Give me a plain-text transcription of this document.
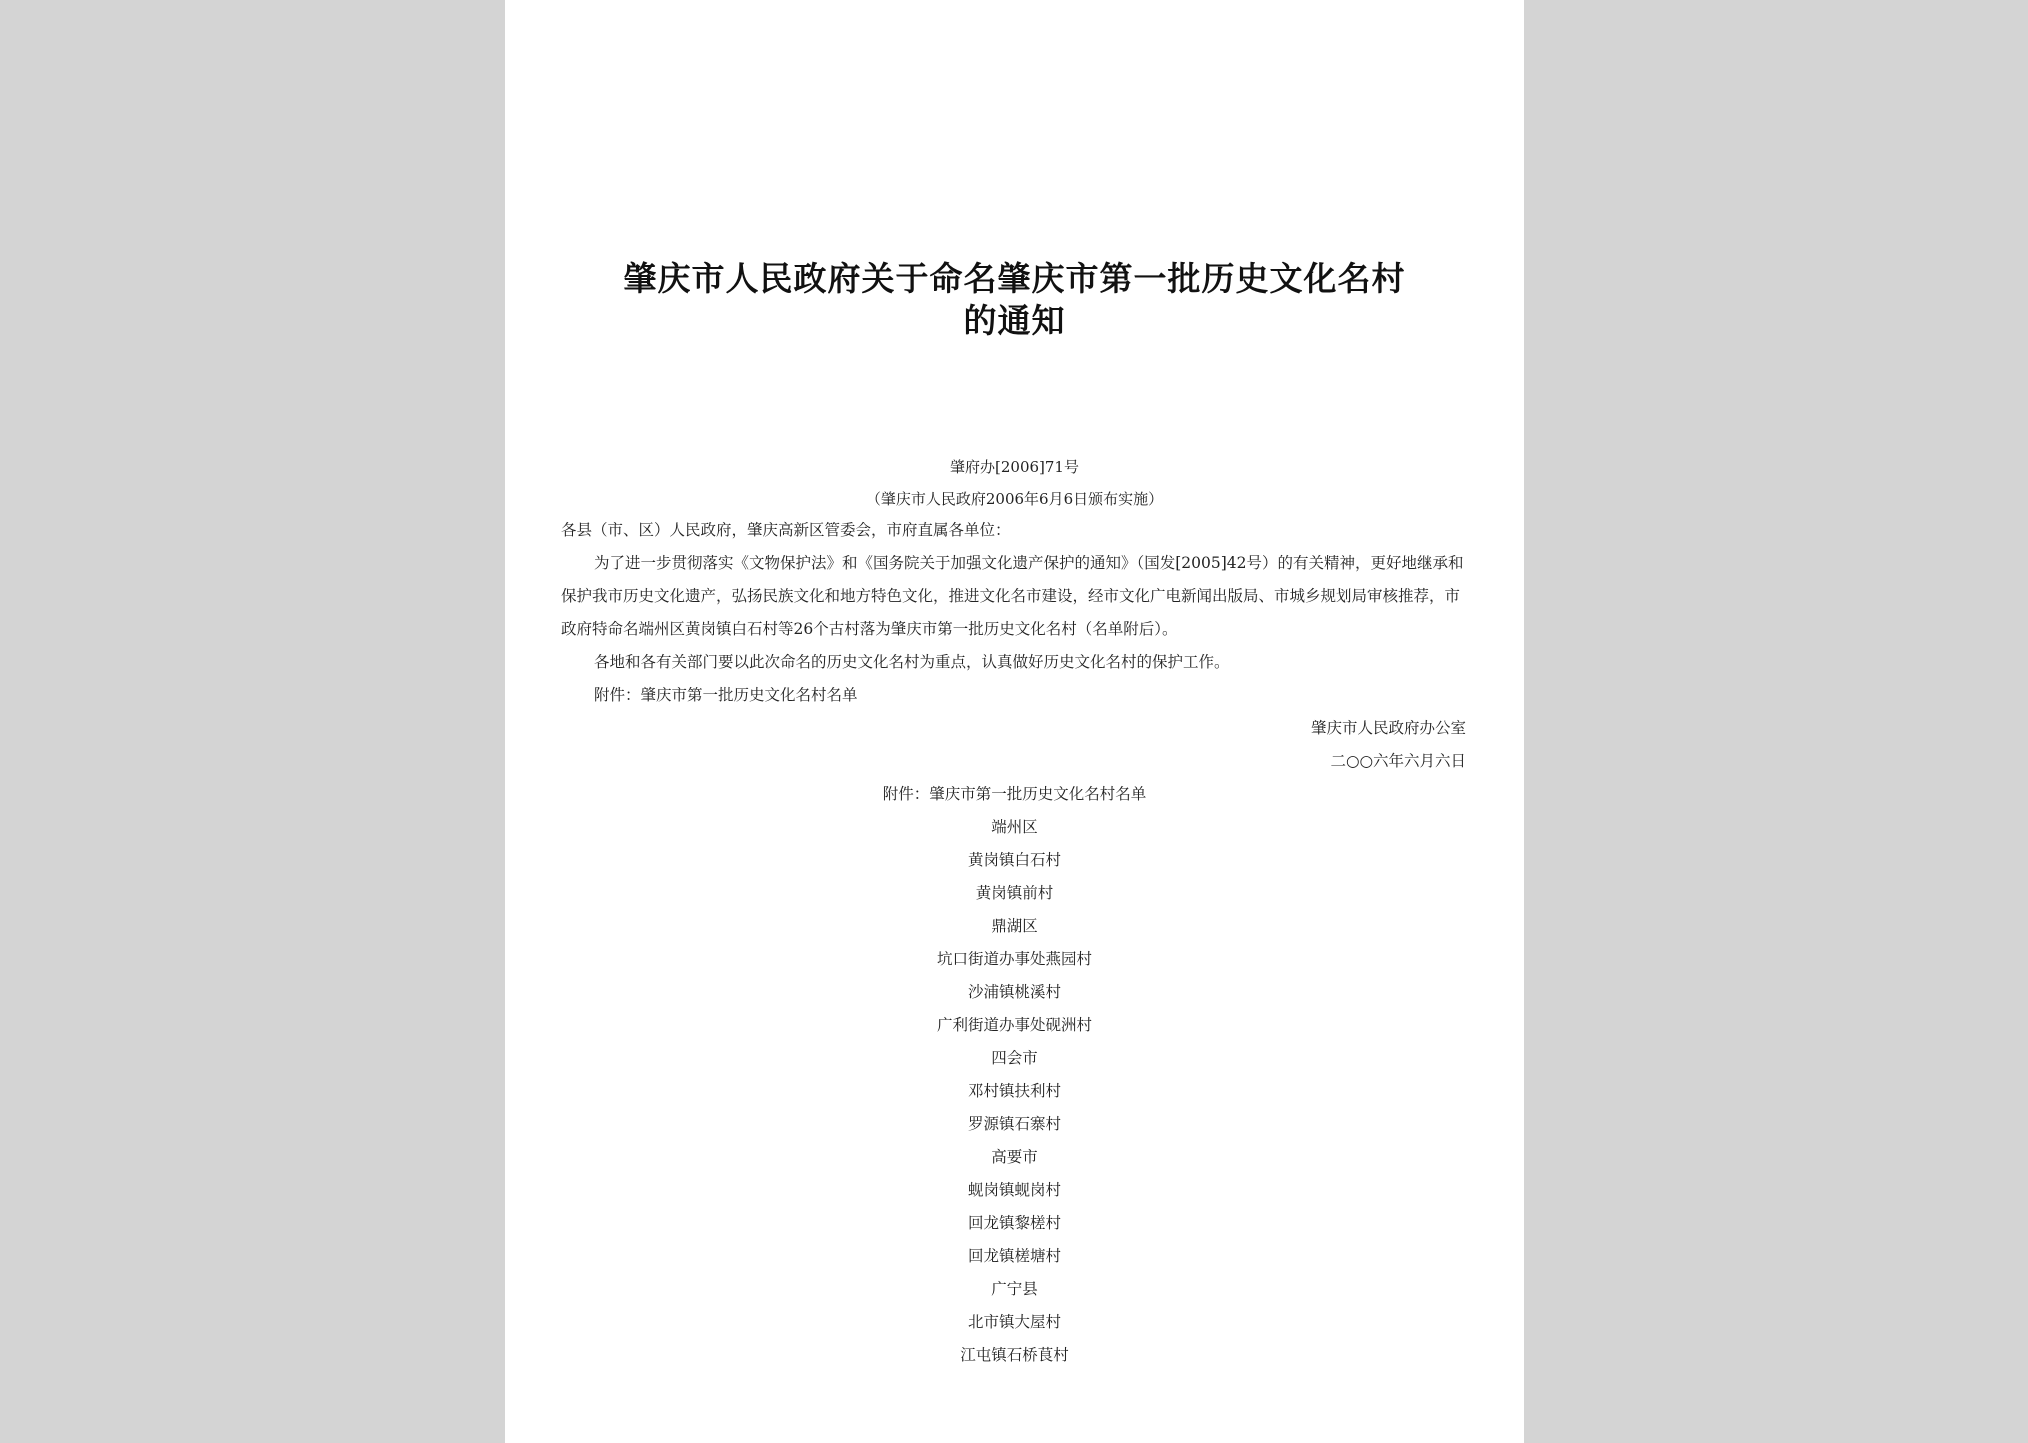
肇庆市人民政府关于命名肇庆市第一批历史文化名村
的通知
肇府办[2006]71号
（肇庆市人民政府2006年6月6日颁布实施）
各县（市、区）人民政府，肇庆高新区管委会，市府直属各单位：
为了进一步贯彻落实《文物保护法》和《国务院关于加强文化遗产保护的通知》（国发[2005]42号）的有关精神，更好地继承和保护我市历史文化遗产，弘扬民族文化和地方特色文化，推进文化名市建设，经市文化广电新闻出版局、市城乡规划局审核推荐，市政府特命名端州区黄岗镇白石村等26个古村落为肇庆市第一批历史文化名村（名单附后）。
各地和各有关部门要以此次命名的历史文化名村为重点，认真做好历史文化名村的保护工作。
附件：肇庆市第一批历史文化名村名单
肇庆市人民政府办公室
二○○六年六月六日
附件：肇庆市第一批历史文化名村名单
端州区
黄岗镇白石村
黄岗镇前村
鼎湖区
坑口街道办事处燕园村
沙浦镇桃溪村
广利街道办事处砚洲村
四会市
邓村镇扶利村
罗源镇石寨村
高要市
蚬岗镇蚬岗村
回龙镇黎槎村
回龙镇槎塘村
广宁县
北市镇大屋村
江屯镇石桥茛村
